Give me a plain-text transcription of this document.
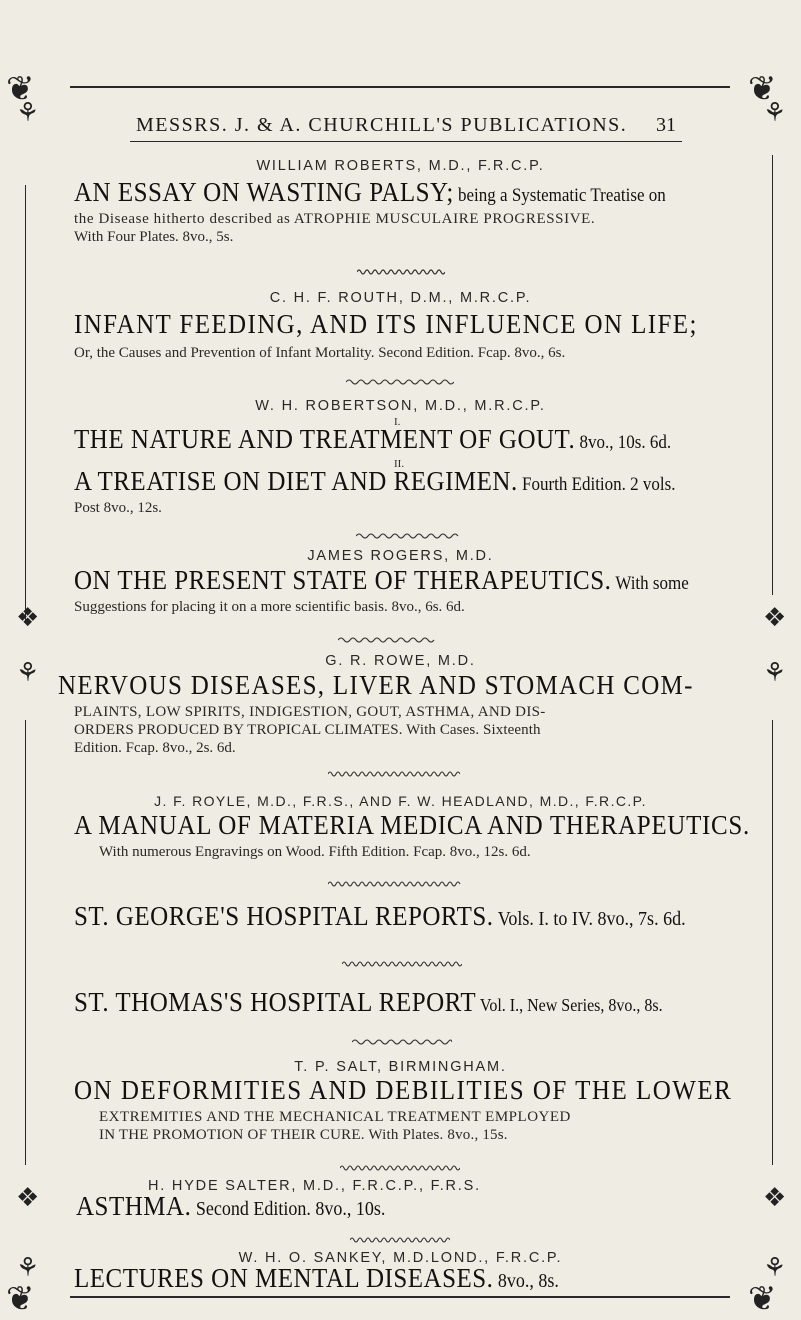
❦	❦
❦	❦
⚘	⚘
❖	❖
⚘	⚘
❖	❖
⚘	⚘
MESSRS. J. & A. CHURCHILL'S PUBLICATIONS. 31
WILLIAM ROBERTS, M.D., F.R.C.P.
AN ESSAY ON WASTING PALSY; being a Systematic Treatise on
the Disease hitherto described as ATROPHIE MUSCULAIRE PROGRESSIVE.
With Four Plates. 8vo., 5s.
C. H. F. ROUTH, D.M., M.R.C.P.
INFANT FEEDING, AND ITS INFLUENCE ON LIFE;
Or, the Causes and Prevention of Infant Mortality. Second Edition. Fcap. 8vo., 6s.
W. H. ROBERTSON, M.D., M.R.C.P.
I.
THE NATURE AND TREATMENT OF GOUT. 8vo., 10s. 6d.
II.
A TREATISE ON DIET AND REGIMEN. Fourth Edition. 2 vols.
Post 8vo., 12s.
JAMES ROGERS, M.D.
ON THE PRESENT STATE OF THERAPEUTICS. With some
Suggestions for placing it on a more scientific basis. 8vo., 6s. 6d.
G. R. ROWE, M.D.
NERVOUS DISEASES, LIVER AND STOMACH COM-
PLAINTS, LOW SPIRITS, INDIGESTION, GOUT, ASTHMA, AND DIS-
ORDERS PRODUCED BY TROPICAL CLIMATES. With Cases. Sixteenth
Edition. Fcap. 8vo., 2s. 6d.
J. F. ROYLE, M.D., F.R.S., AND F. W. HEADLAND, M.D., F.R.C.P.
A MANUAL OF MATERIA MEDICA AND THERAPEUTICS.
With numerous Engravings on Wood. Fifth Edition. Fcap. 8vo., 12s. 6d.
ST. GEORGE'S HOSPITAL REPORTS. Vols. I. to IV. 8vo., 7s. 6d.
ST. THOMAS'S HOSPITAL REPORT Vol. I., New Series, 8vo., 8s.
T. P. SALT, BIRMINGHAM.
ON DEFORMITIES AND DEBILITIES OF THE LOWER
EXTREMITIES AND THE MECHANICAL TREATMENT EMPLOYED
IN THE PROMOTION OF THEIR CURE. With Plates. 8vo., 15s.
H. HYDE SALTER, M.D., F.R.C.P., F.R.S.
ASTHMA. Second Edition. 8vo., 10s.
W. H. O. SANKEY, M.D.LOND., F.R.C.P.
LECTURES ON MENTAL DISEASES. 8vo., 8s.
